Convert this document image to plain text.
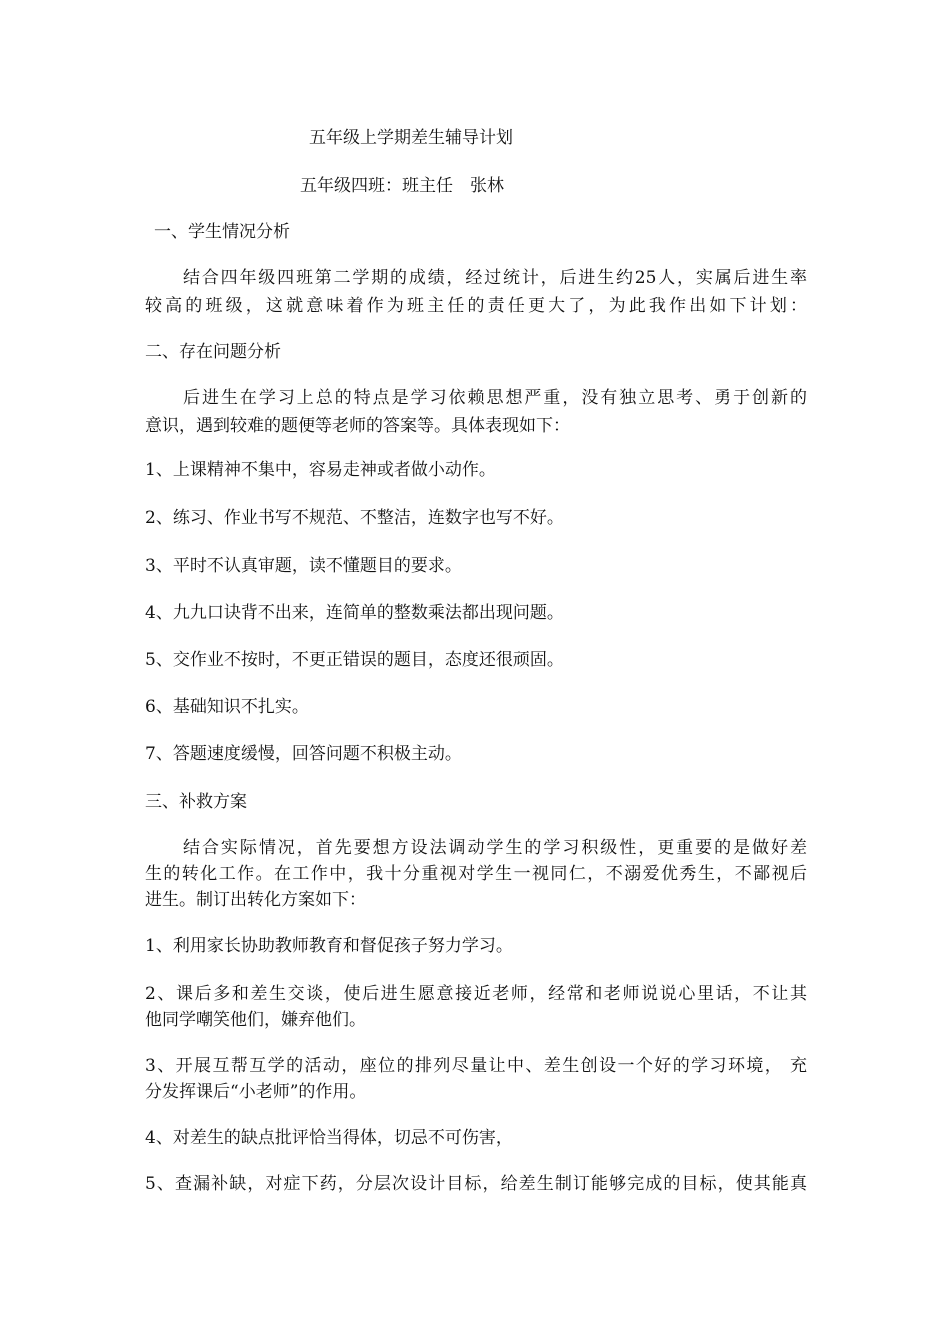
五年级上学期差生辅导计划
五年级四班：班主任　张林
一、学生情况分析
结合四年级四班第二学期的成绩，经过统计，后进生约25人，实属后进生率
较高的班级，这就意味着作为班主任的责任更大了，为此我作出如下计划：
二、存在问题分析
后进生在学习上总的特点是学习依赖思想严重，没有独立思考、勇于创新的
意识，遇到较难的题便等老师的答案等。具体表现如下：
1、上课精神不集中，容易走神或者做小动作。
2、练习、作业书写不规范、不整洁，连数字也写不好。
3、平时不认真审题，读不懂题目的要求。
4、九九口诀背不出来，连简单的整数乘法都出现问题。
5、交作业不按时，不更正错误的题目，态度还很顽固。
6、基础知识不扎实。
7、答题速度缓慢，回答问题不积极主动。
三、补救方案
结合实际情况，首先要想方设法调动学生的学习积级性，更重要的是做好差
生的转化工作。在工作中，我十分重视对学生一视同仁，不溺爱优秀生，不鄙视后
进生。制订出转化方案如下：
1、利用家长协助教师教育和督促孩子努力学习。
2、课后多和差生交谈，使后进生愿意接近老师，经常和老师说说心里话，不让其
他同学嘲笑他们，嫌弃他们。
3、开展互帮互学的活动，座位的排列尽量让中、差生创设一个好的学习环境， 充
分发挥课后“小老师”的作用。
4、对差生的缺点批评恰当得体，切忌不可伤害，
5、查漏补缺，对症下药，分层次设计目标，给差生制订能够完成的目标，使其能真
